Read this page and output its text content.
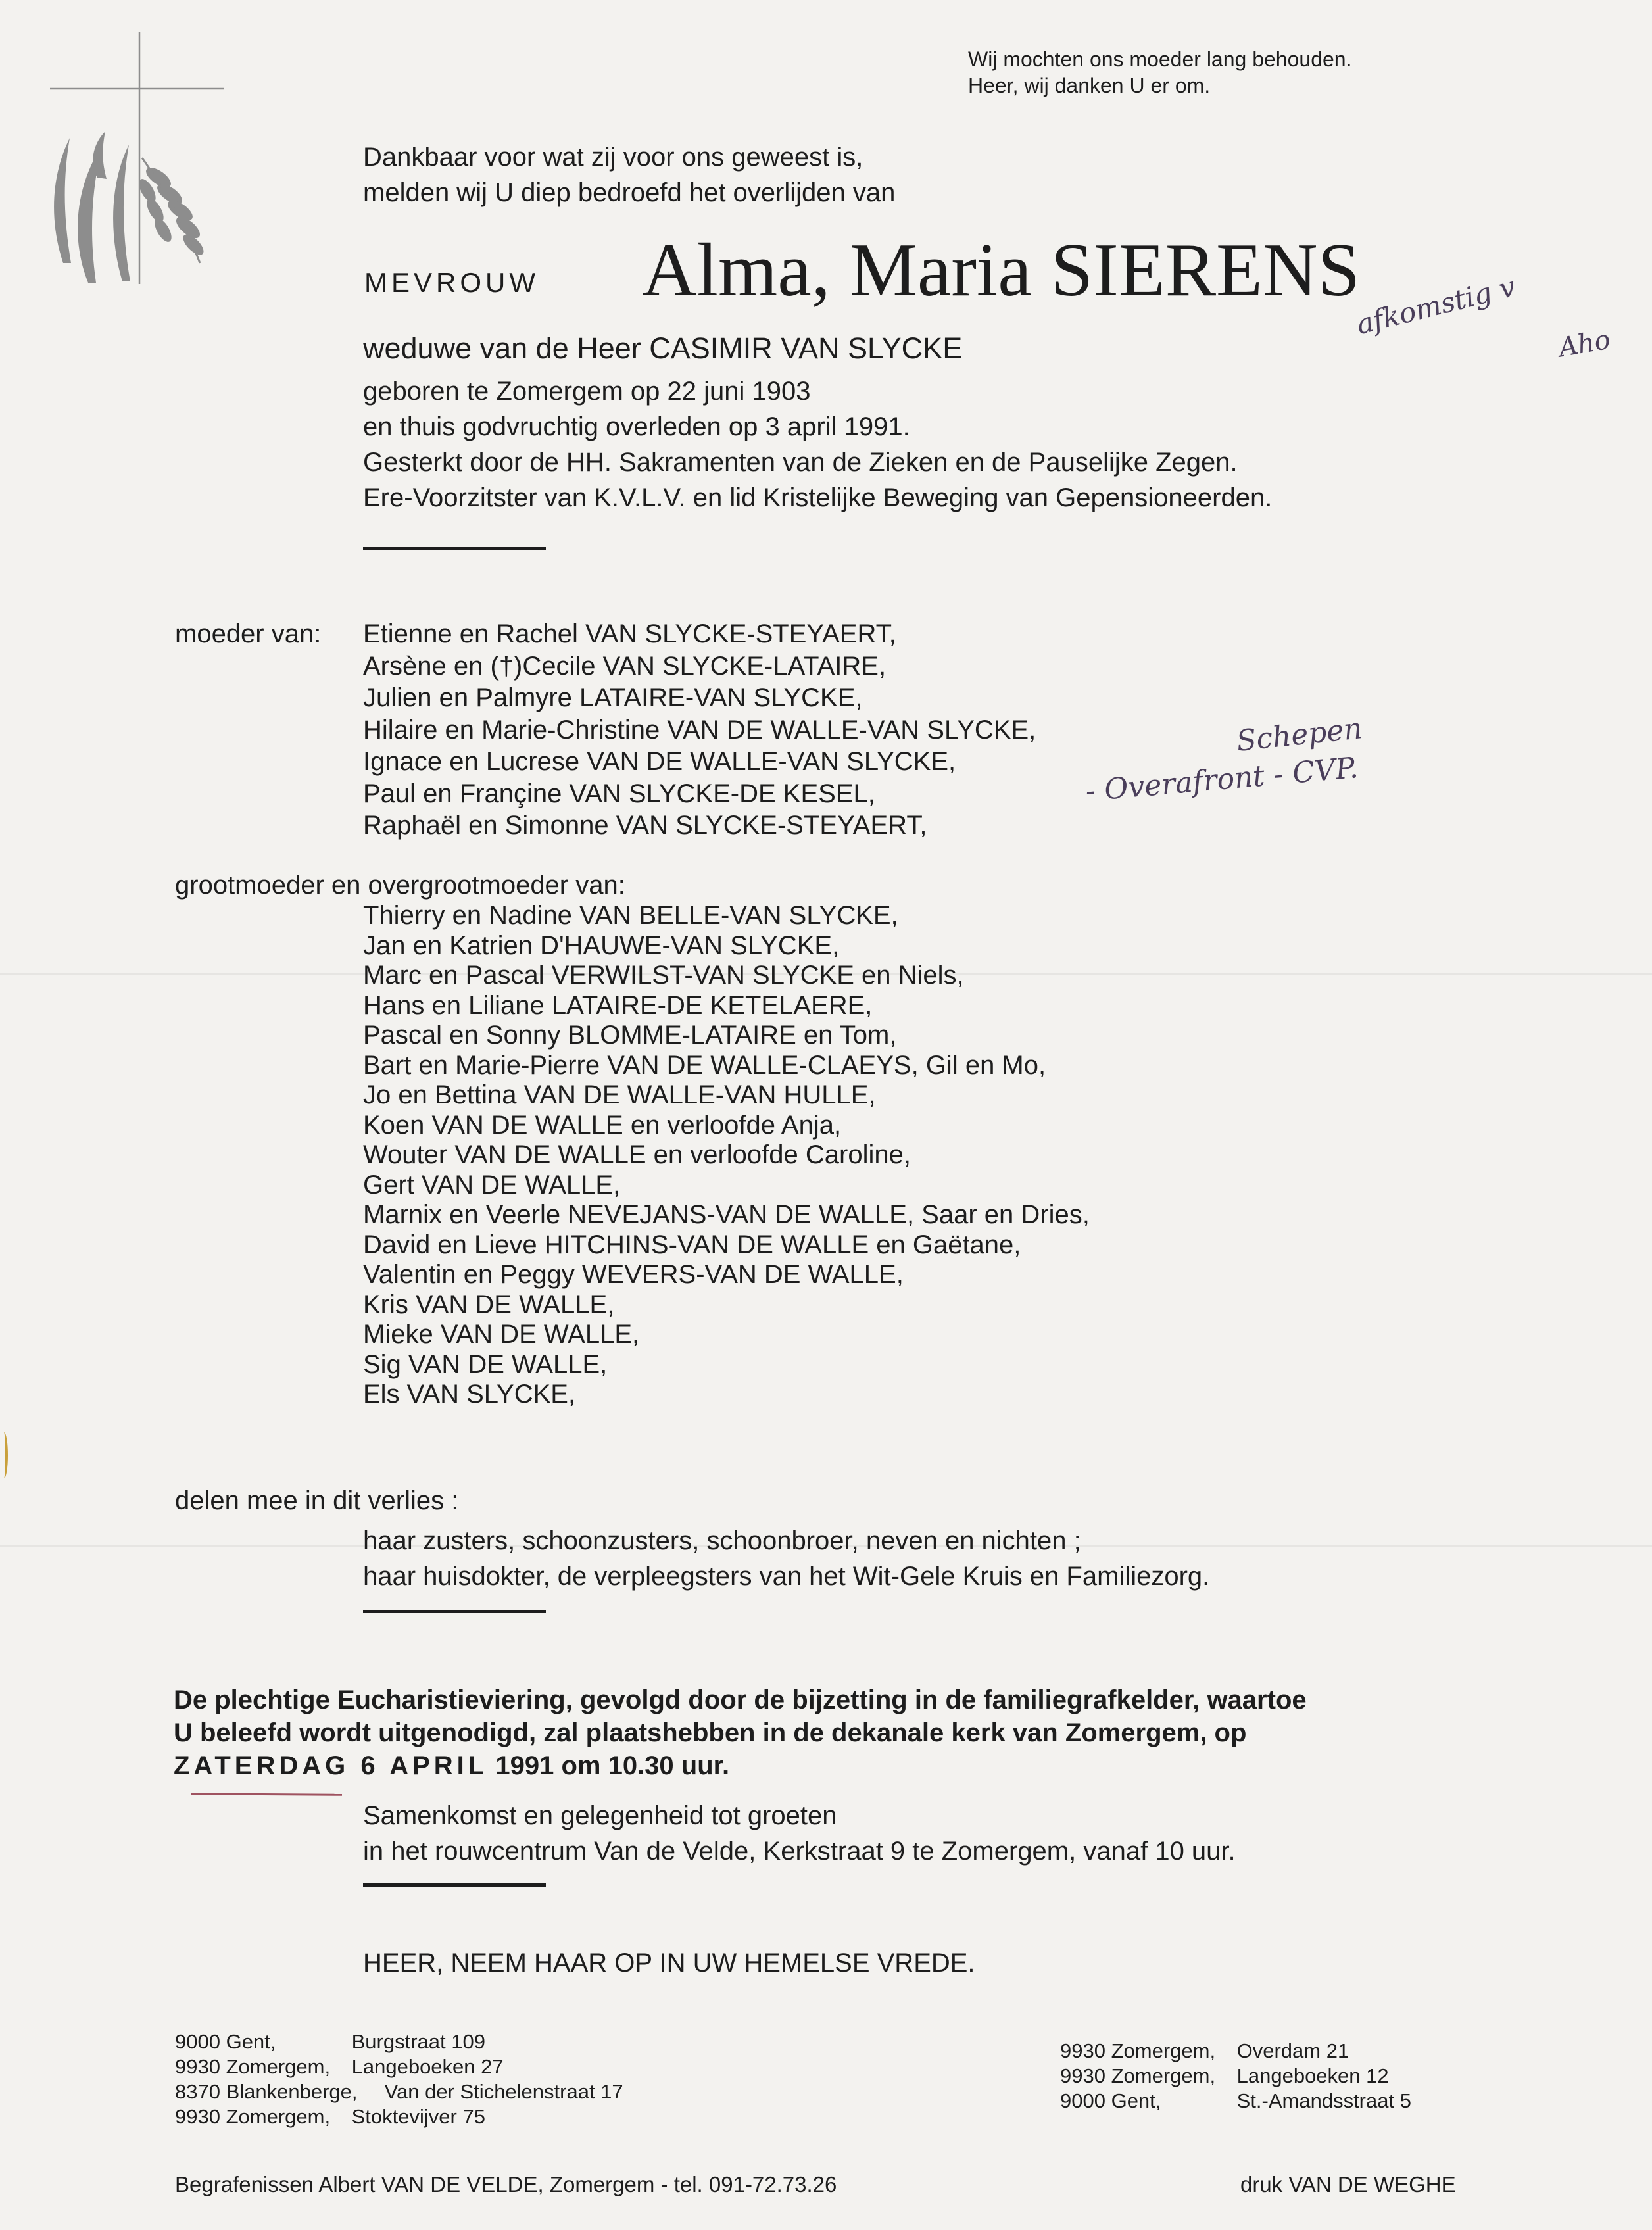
Wij mochten ons moeder lang behouden.
Heer, wij danken U er om.
Dankbaar voor wat zij voor ons geweest is,
melden wij U diep bedroefd het overlijden van
MEVROUW Alma, Maria SIERENS
weduwe van de Heer CASIMIR VAN SLYCKE
geboren te Zomergem op 22 juni 1903
en thuis godvruchtig overleden op 3 april 1991.
Gesterkt door de HH. Sakramenten van de Zieken en de Pauselijke Zegen.
Ere-Voorzitster van K.V.L.V. en lid Kristelijke Beweging van Gepensioneerden.
afkomstig v
Aho
Schepen
- Overafront - CVP.
moeder van: Etienne en Rachel VAN SLYCKE-STEYAERT,
Arsène en (†)Cecile VAN SLYCKE-LATAIRE,
Julien en Palmyre LATAIRE-VAN SLYCKE,
Hilaire en Marie-Christine VAN DE WALLE-VAN SLYCKE,
Ignace en Lucrese VAN DE WALLE-VAN SLYCKE,
Paul en Françine VAN SLYCKE-DE KESEL,
Raphaël en Simonne VAN SLYCKE-STEYAERT,
grootmoeder en overgrootmoeder van:
Thierry en Nadine VAN BELLE-VAN SLYCKE,
Jan en Katrien D'HAUWE-VAN SLYCKE,
Marc en Pascal VERWILST-VAN SLYCKE en Niels,
Hans en Liliane LATAIRE-DE KETELAERE,
Pascal en Sonny BLOMME-LATAIRE en Tom,
Bart en Marie-Pierre VAN DE WALLE-CLAEYS, Gil en Mo,
Jo en Bettina VAN DE WALLE-VAN HULLE,
Koen VAN DE WALLE en verloofde Anja,
Wouter VAN DE WALLE en verloofde Caroline,
Gert VAN DE WALLE,
Marnix en Veerle NEVEJANS-VAN DE WALLE, Saar en Dries,
David en Lieve HITCHINS-VAN DE WALLE en Gaëtane,
Valentin en Peggy WEVERS-VAN DE WALLE,
Kris VAN DE WALLE,
Mieke VAN DE WALLE,
Sig VAN DE WALLE,
Els VAN SLYCKE,
delen mee in dit verlies :
haar zusters, schoonzusters, schoonbroer, neven en nichten ;
haar huisdokter, de verpleegsters van het Wit-Gele Kruis en Familiezorg.
De plechtige Eucharistieviering, gevolgd door de bijzetting in de familiegrafkelder, waartoe
U beleefd wordt uitgenodigd, zal plaatshebben in de dekanale kerk van Zomergem, op
ZATERDAG 6 APRIL 1991 om 10.30 uur.
Samenkomst en gelegenheid tot groeten
in het rouwcentrum Van de Velde, Kerkstraat 9 te Zomergem, vanaf 10 uur.
HEER, NEEM HAAR OP IN UW HEMELSE VREDE.
9000 Gent,	Burgstraat 109
9930 Zomergem, Langeboeken 27
8370 Blankenberge, Van der Stichelenstraat 17
9930 Zomergem, Stoktevijver 75
9930 Zomergem, Overdam 21
9930 Zomergem, Langeboeken 12
9000 Gent,	St.-Amandsstraat 5
Begrafenissen Albert VAN DE VELDE, Zomergem - tel. 091-72.73.26	druk VAN DE WEGHE
